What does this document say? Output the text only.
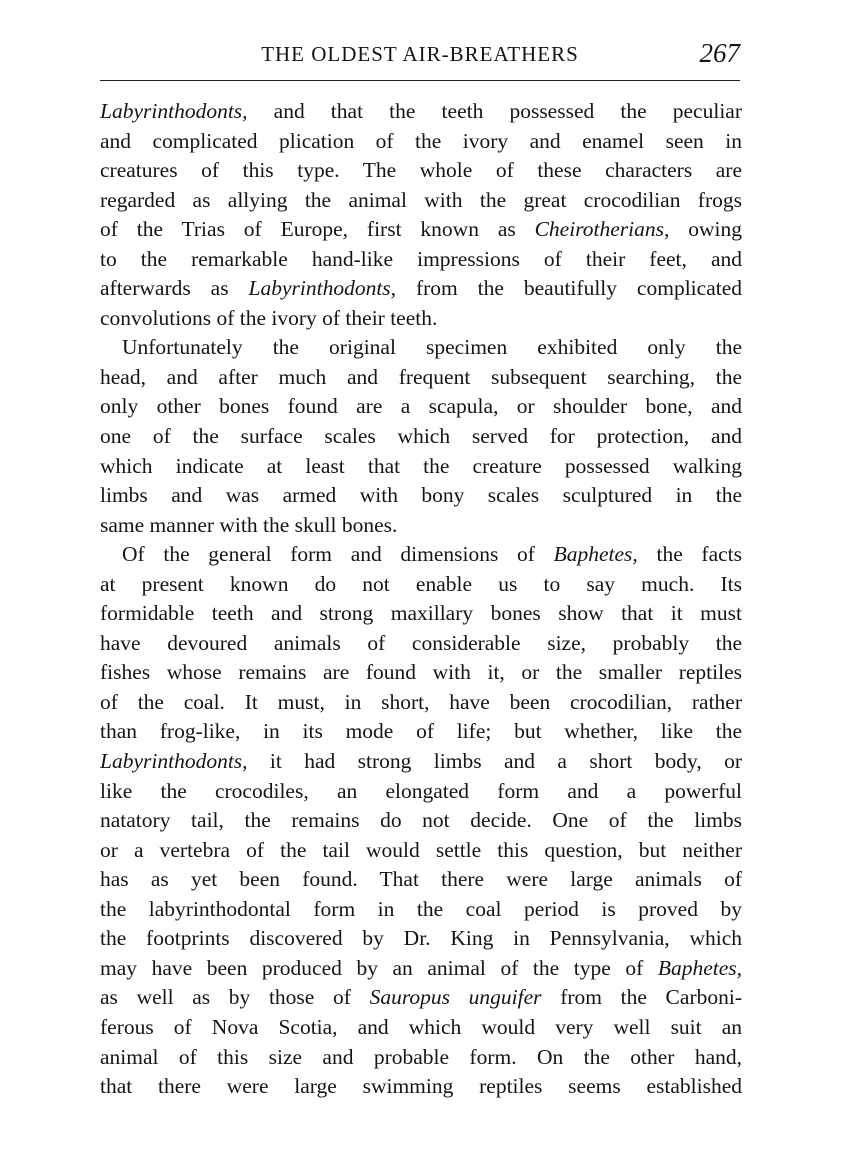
THE OLDEST AIR-BREATHERS	267
Labyrinthodonts, and that the teeth possessed the peculiar
and complicated plication of the ivory and enamel seen in
creatures of this type. The whole of these characters are
regarded as allying the animal with the great crocodilian frogs
of the Trias of Europe, first known as Cheirotherians, owing
to the remarkable hand-like impressions of their feet, and
afterwards as Labyrinthodonts, from the beautifully complicated
convolutions of the ivory of their teeth.
Unfortunately the original specimen exhibited only the
head, and after much and frequent subsequent searching, the
only other bones found are a scapula, or shoulder bone, and
one of the surface scales which served for protection, and
which indicate at least that the creature possessed walking
limbs and was armed with bony scales sculptured in the
same manner with the skull bones.
Of the general form and dimensions of Baphetes, the facts
at present known do not enable us to say much. Its
formidable teeth and strong maxillary bones show that it must
have devoured animals of considerable size, probably the
fishes whose remains are found with it, or the smaller reptiles
of the coal. It must, in short, have been crocodilian, rather
than frog-like, in its mode of life; but whether, like the
Labyrinthodonts, it had strong limbs and a short body, or
like the crocodiles, an elongated form and a powerful
natatory tail, the remains do not decide. One of the limbs
or a vertebra of the tail would settle this question, but neither
has as yet been found. That there were large animals of
the labyrinthodontal form in the coal period is proved by
the footprints discovered by Dr. King in Pennsylvania, which
may have been produced by an animal of the type of Baphetes,
as well as by those of Sauropus unguifer from the Carboni-
ferous of Nova Scotia, and which would very well suit an
animal of this size and probable form. On the other hand,
that there were large swimming reptiles seems established
